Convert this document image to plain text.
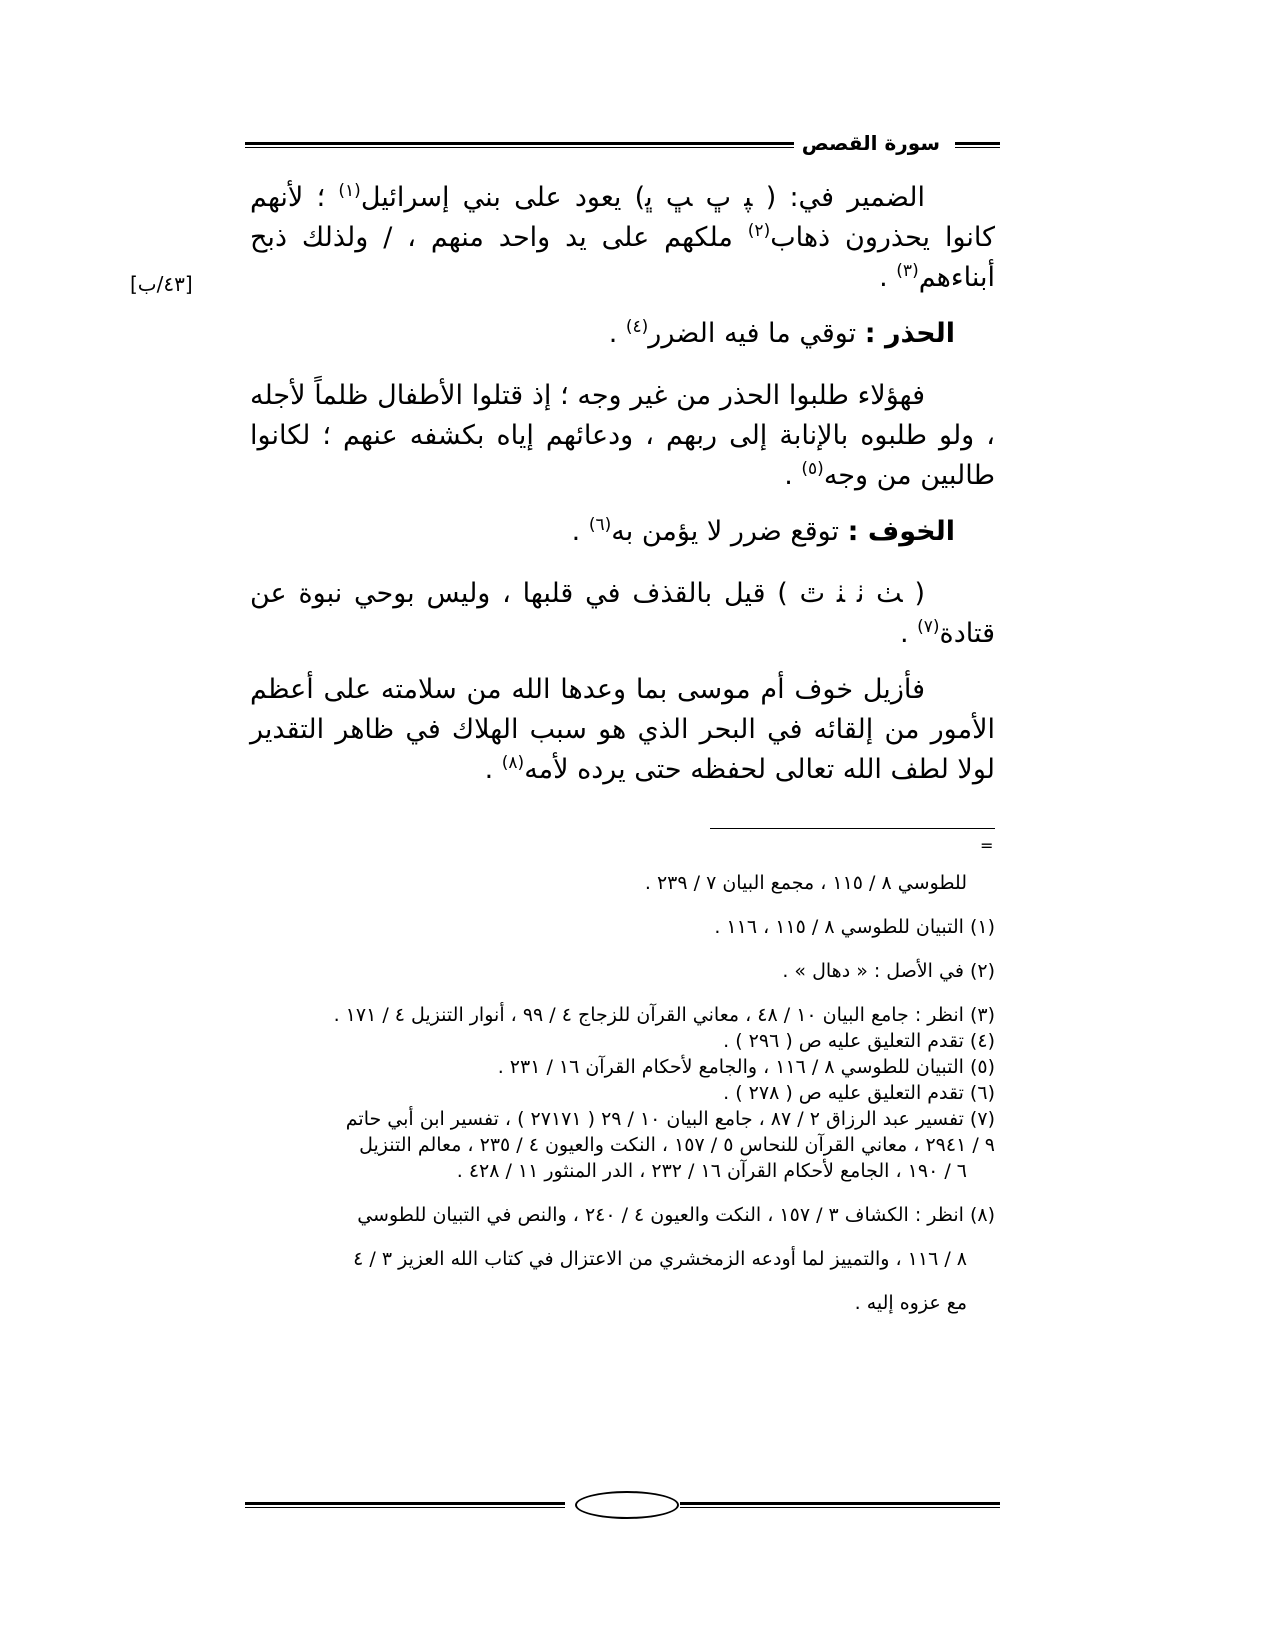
سورة القصص
[٤٣/ب]

الضمير في: ( ﭙ ﭚ ﭛ ﭜ) يعود على بني إسرائيل$^{(١)}$ ؛ لأنهم كانوا يحذرون ذهاب$^{(٢)}$ ملكهم على يد واحد منهم ، / ولذلك ذبح أبناءهم$^{(٣)}$ .

الحذر : توقي ما فيه الضرر$^{(٤)}$ .

فهؤلاء طلبوا الحذر من غير وجه ؛ إذ قتلوا الأطفال ظلماً لأجله ، ولو طلبوه بالإنابة إلى ربهم ، ودعائهم إياه بكشفه عنهم ؛ لكانوا طالبين من وجه$^{(٥)}$ .

الخوف : توقع ضرر لا يؤمن به$^{(٦)}$ .

( ﭟ ﭠ ﭡ ﭢ ) قيل بالقذف في قلبها ، وليس بوحي نبوة عن قتادة$^{(٧)}$ .

فأزيل خوف أم موسى بما وعدها الله من سلامته على أعظم الأمور من إلقائه في البحر الذي هو سبب الهلاك في ظاهر التقدير لولا لطف الله تعالى لحفظه حتى يرده لأمه$^{(٨)}$ .

=

للطوسي ٨ / ١١٥ ، مجمع البيان ٧ / ٢٣٩ .

(١) التبيان للطوسي ٨ / ١١٥ ، ١١٦ .

(٢) في الأصل : « دهال » .

(٣) انظر : جامع البيان ١٠ / ٤٨ ، معاني القرآن للزجاج ٤ / ٩٩ ، أنوار التنزيل ٤ / ١٧١ .

(٤) تقدم التعليق عليه ص ( ٢٩٦ ) .

(٥) التبيان للطوسي ٨ / ١١٦ ، والجامع لأحكام القرآن ١٦ / ٢٣١ .

(٦) تقدم التعليق عليه ص ( ٢٧٨ ) .

(٧) تفسير عبد الرزاق ٢ / ٨٧ ، جامع البيان ١٠ / ٢٩ ( ٢٧١٧١ ) ، تفسير ابن أبي حاتم

٩ / ٢٩٤١ ، معاني القرآن للنحاس ٥ / ١٥٧ ، النكت والعيون ٤ / ٢٣٥ ، معالم التنزيل

٦ / ١٩٠ ، الجامع لأحكام القرآن ١٦ / ٢٣٢ ، الدر المنثور ١١ / ٤٢٨ .

(٨) انظر : الكشاف ٣ / ١٥٧ ، النكت والعيون ٤ / ٢٤٠ ، والنص في التبيان للطوسي

٨ / ١١٦ ، والتمييز لما أودعه الزمخشري من الاعتزال في كتاب الله العزيز ٣ / ٤

مع عزوه إليه .
